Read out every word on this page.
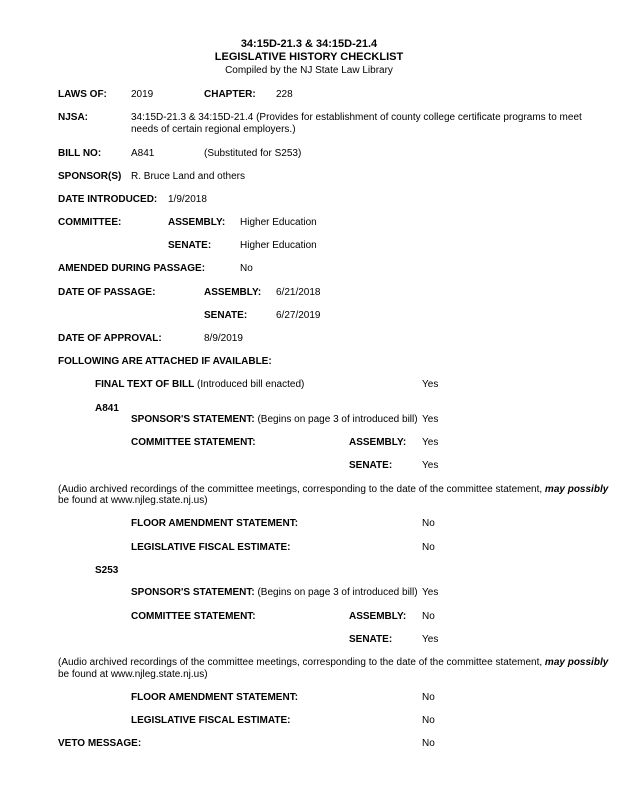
34:15D-21.3 & 34:15D-21.4
LEGISLATIVE HISTORY CHECKLIST
Compiled by the NJ State Law Library
LAWS OF: 2019	CHAPTER: 228
NJSA:	34:15D-21.3 & 34:15D-21.4 (Provides for establishment of county college certificate programs to meet
needs of certain regional employers.)
BILL NO:	A841	(Substituted for S253)
SPONSOR(S) R. Bruce Land and others
DATE INTRODUCED: 1/9/2018
COMMITTEE:	ASSEMBLY: Higher Education
SENATE:	Higher Education
AMENDED DURING PASSAGE:	No
DATE OF PASSAGE:	ASSEMBLY: 6/21/2018
SENATE:	6/27/2019
DATE OF APPROVAL:	8/9/2019
FOLLOWING ARE ATTACHED IF AVAILABLE:
FINAL TEXT OF BILL (Introduced bill enacted)	Yes
A841
SPONSOR'S STATEMENT: (Begins on page 3 of introduced bill) Yes
COMMITTEE STATEMENT:	ASSEMBLY: Yes
SENATE:	Yes
(Audio archived recordings of the committee meetings, corresponding to the date of the committee statement, may possibly
be found at www.njleg.state.nj.us)
FLOOR AMENDMENT STATEMENT:	No
LEGISLATIVE FISCAL ESTIMATE:	No
S253
SPONSOR'S STATEMENT: (Begins on page 3 of introduced bill) Yes
COMMITTEE STATEMENT:	ASSEMBLY: No
SENATE:	Yes
(Audio archived recordings of the committee meetings, corresponding to the date of the committee statement, may possibly
be found at www.njleg.state.nj.us)
FLOOR AMENDMENT STATEMENT:	No
LEGISLATIVE FISCAL ESTIMATE:	No
VETO MESSAGE:	No
